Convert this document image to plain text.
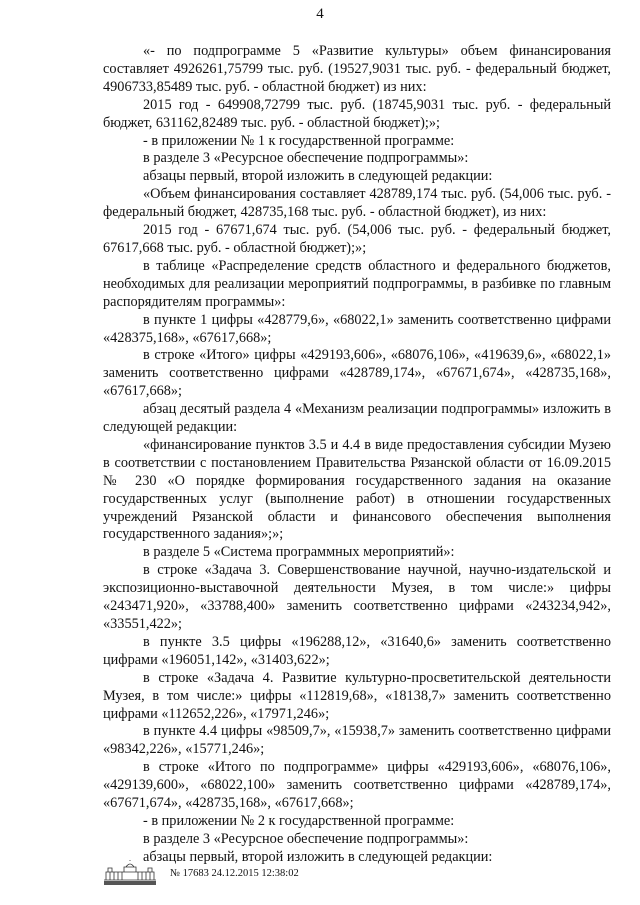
4

«- по подпрограмме 5 «Развитие культуры» объем финансирования составляет 4926261,75799 тыс. руб. (19527,9031 тыс. руб. - федеральный бюджет, 4906733,85489 тыс. руб. - областной бюджет) из них:

2015 год - 649908,72799 тыс. руб. (18745,9031 тыс. руб. - федеральный бюджет, 631162,82489 тыс. руб. - областной бюджет);»;

- в приложении № 1 к государственной программе:

в разделе 3 «Ресурсное обеспечение подпрограммы»:

абзацы первый, второй изложить в следующей редакции:

«Объем финансирования составляет 428789,174 тыс. руб. (54,006 тыс. руб. - федеральный бюджет, 428735,168 тыс. руб. - областной бюджет), из них:

2015 год - 67671,674 тыс. руб. (54,006 тыс. руб. - федеральный бюджет, 67617,668 тыс. руб. - областной бюджет);»;

в таблице «Распределение средств областного и федерального бюджетов, необходимых для реализации мероприятий подпрограммы, в разбивке по главным распорядителям программы»:

в пункте 1 цифры «428779,6», «68022,1» заменить соответственно цифрами «428375,168», «67617,668»;

в строке «Итого» цифры «429193,606», «68076,106», «419639,6», «68022,1» заменить соответственно цифрами «428789,174», «67671,674», «428735,168», «67617,668»;

абзац десятый раздела 4 «Механизм реализации подпрограммы» изложить в следующей редакции:

«финансирование пунктов 3.5 и 4.4 в виде предоставления субсидии Музею в соответствии с постановлением Правительства Рязанской области от 16.09.2015 № 230 «О порядке формирования государственного задания на оказание государственных услуг (выполнение работ) в отношении государственных учреждений Рязанской области и финансового обеспечения выполнения государственного задания»;»;

в разделе 5 «Система программных мероприятий»:

в строке «Задача 3. Совершенствование научной, научно-издательской и экспозиционно-выставочной деятельности Музея, в том числе:» цифры «243471,920», «33788,400» заменить соответственно цифрами «243234,942», «33551,422»;

в пункте 3.5 цифры «196288,12», «31640,6» заменить соответственно цифрами «196051,142», «31403,622»;

в строке «Задача 4. Развитие культурно-просветительской деятельности Музея, в том числе:» цифры «112819,68», «18138,7» заменить соответственно цифрами «112652,226», «17971,246»;

в пункте 4.4 цифры «98509,7», «15938,7» заменить соответственно цифрами «98342,226», «15771,246»;

в строке «Итого по подпрограмме» цифры «429193,606», «68076,106», «429139,600», «68022,100» заменить соответственно цифрами «428789,174», «67671,674», «428735,168», «67617,668»;

- в приложении № 2 к государственной программе:

в разделе 3 «Ресурсное обеспечение подпрограммы»:

абзацы первый, второй изложить в следующей редакции:

№ 17683 24.12.2015 12:38:02
